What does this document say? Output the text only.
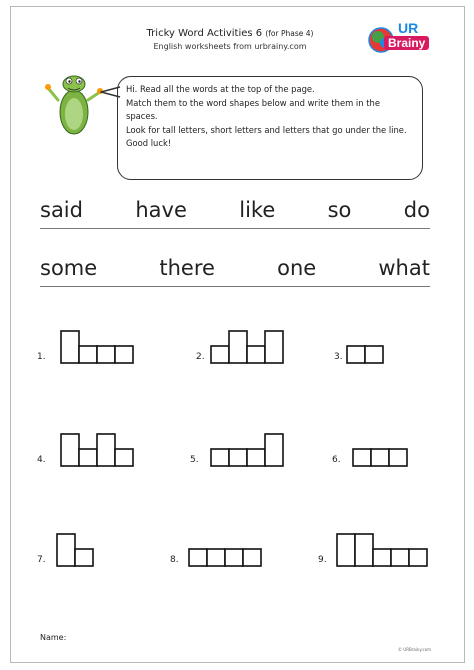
Tricky Word Activities 6 (for Phase 4)
English worksheets from urbrainy.com
UR
Brainy

Hi. Read all the words at the top of the page.

Match them to the word shapes below and write them in the spaces.

Look for tall letters, short letters and letters that go under the line. Good luck!

said have like so do
some	there	one	what
1.	2.	3.
4.	5.	6.
7.	8.	9.
Name:
© URBrainy.com
